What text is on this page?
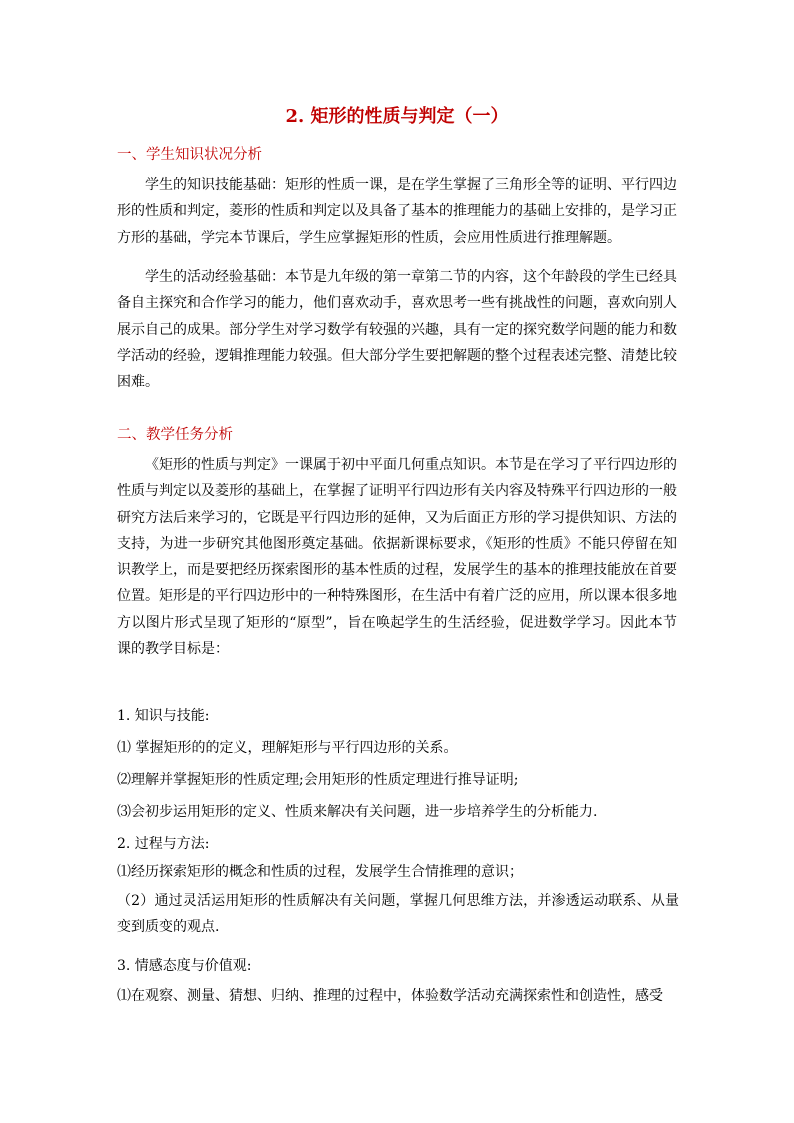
2. 矩形的性质与判定（一）
一、学生知识状况分析
学生的知识技能基础：矩形的性质一课，是在学生掌握了三角形全等的证明、平行四边形的性质和判定，菱形的性质和判定以及具备了基本的推理能力的基础上安排的，是学习正方形的基础，学完本节课后，学生应掌握矩形的性质，会应用性质进行推理解题。
学生的活动经验基础：本节是九年级的第一章第二节的内容，这个年龄段的学生已经具备自主探究和合作学习的能力，他们喜欢动手，喜欢思考一些有挑战性的问题，喜欢向别人展示自己的成果。部分学生对学习数学有较强的兴趣，具有一定的探究数学问题的能力和数学活动的经验，逻辑推理能力较强。但大部分学生要把解题的整个过程表述完整、清楚比较困难。
二、教学任务分析
《矩形的性质与判定》一课属于初中平面几何重点知识。本节是在学习了平行四边形的性质与判定以及菱形的基础上，在掌握了证明平行四边形有关内容及特殊平行四边形的一般研究方法后来学习的，它既是平行四边形的延伸，又为后面正方形的学习提供知识、方法的支持，为进一步研究其他图形奠定基础。依据新课标要求，《矩形的性质》不能只停留在知识教学上，而是要把经历探索图形的基本性质的过程，发展学生的基本的推理技能放在首要位置。矩形是的平行四边形中的一种特殊图形，在生活中有着广泛的应用，所以课本很多地方以图片形式呈现了矩形的“原型”，旨在唤起学生的生活经验，促进数学学习。因此本节课的教学目标是：
1. 知识与技能:
⑴ 掌握矩形的的定义，理解矩形与平行四边形的关系。
⑵理解并掌握矩形的性质定理;会用矩形的性质定理进行推导证明;
⑶会初步运用矩形的定义、性质来解决有关问题，进一步培养学生的分析能力.
2. 过程与方法:
⑴经历探索矩形的概念和性质的过程，发展学生合情推理的意识；
（2）通过灵活运用矩形的性质解决有关问题，掌握几何思维方法，并渗透运动联系、从量变到质变的观点.
3. 情感态度与价值观:
⑴在观察、测量、猜想、归纳、推理的过程中，体验数学活动充满探索性和创造性，感受
